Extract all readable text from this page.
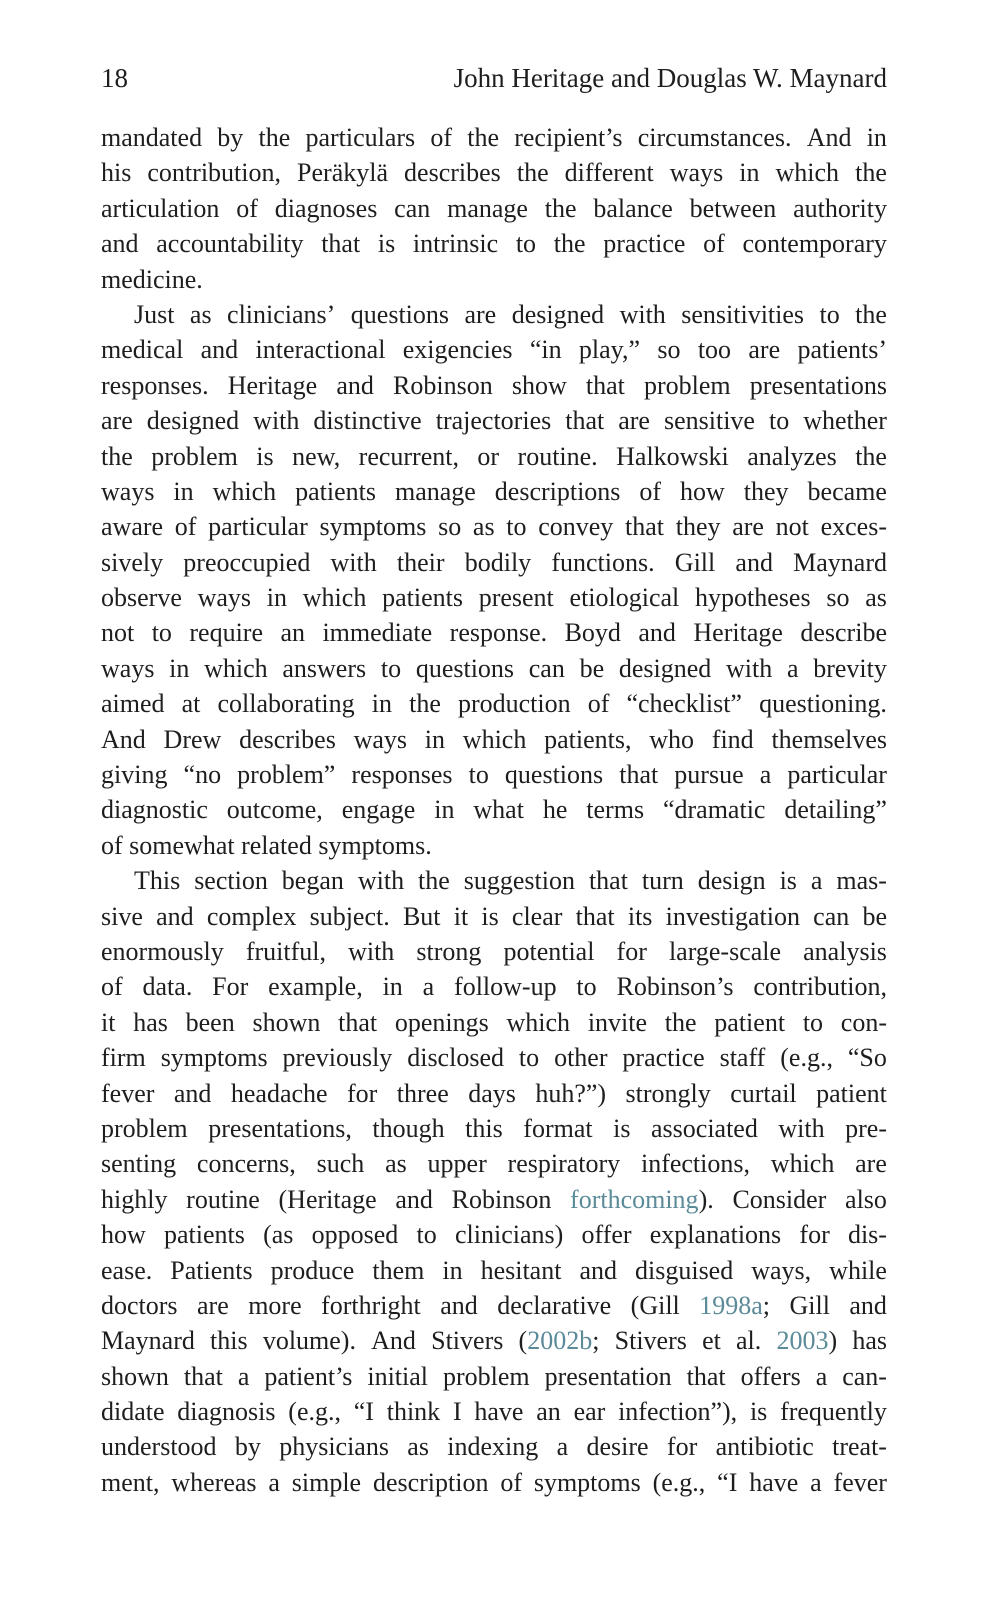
18	John Heritage and Douglas W. Maynard
mandated by the particulars of the recipient’s circumstances. And in
his contribution, Peräkylä describes the different ways in which the
articulation of diagnoses can manage the balance between authority
and accountability that is intrinsic to the practice of contemporary
medicine.
Just as clinicians’ questions are designed with sensitivities to the
medical and interactional exigencies “in play,” so too are patients’
responses. Heritage and Robinson show that problem presentations
are designed with distinctive trajectories that are sensitive to whether
the problem is new, recurrent, or routine. Halkowski analyzes the
ways in which patients manage descriptions of how they became
aware of particular symptoms so as to convey that they are not exces-
sively preoccupied with their bodily functions. Gill and Maynard
observe ways in which patients present etiological hypotheses so as
not to require an immediate response. Boyd and Heritage describe
ways in which answers to questions can be designed with a brevity
aimed at collaborating in the production of “checklist” questioning.
And Drew describes ways in which patients, who find themselves
giving “no problem” responses to questions that pursue a particular
diagnostic outcome, engage in what he terms “dramatic detailing”
of somewhat related symptoms.
This section began with the suggestion that turn design is a mas-
sive and complex subject. But it is clear that its investigation can be
enormously fruitful, with strong potential for large-scale analysis
of data. For example, in a follow-up to Robinson’s contribution,
it has been shown that openings which invite the patient to con-
firm symptoms previously disclosed to other practice staff (e.g., “So
fever and headache for three days huh?”) strongly curtail patient
problem presentations, though this format is associated with pre-
senting concerns, such as upper respiratory infections, which are
highly routine (Heritage and Robinson forthcoming). Consider also
how patients (as opposed to clinicians) offer explanations for dis-
ease. Patients produce them in hesitant and disguised ways, while
doctors are more forthright and declarative (Gill 1998a; Gill and
Maynard this volume). And Stivers (2002b; Stivers et al. 2003) has
shown that a patient’s initial problem presentation that offers a can-
didate diagnosis (e.g., “I think I have an ear infection”), is frequently
understood by physicians as indexing a desire for antibiotic treat-
ment, whereas a simple description of symptoms (e.g., “I have a fever
